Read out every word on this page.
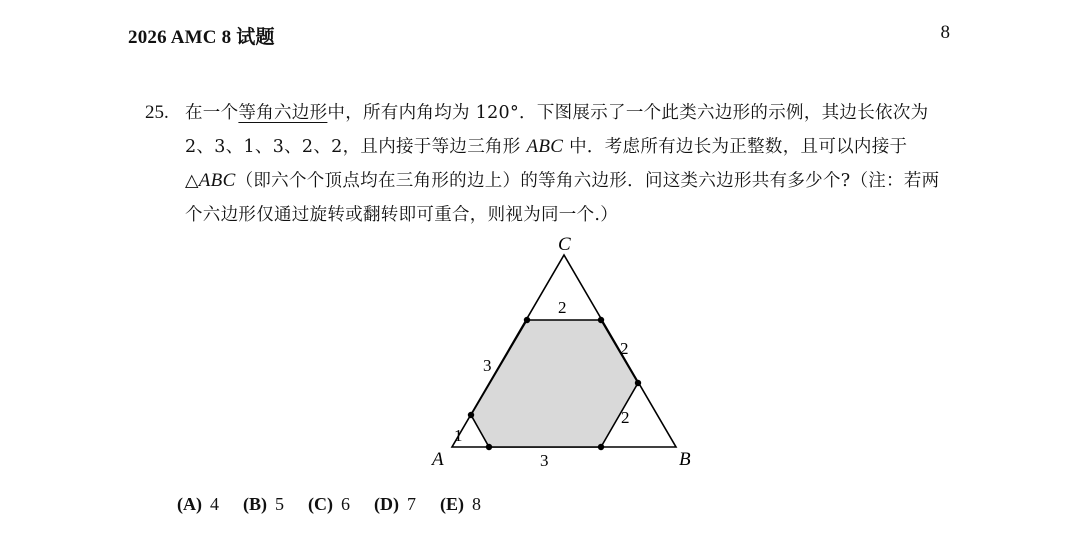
2026 AMC 8 试题	8
25. 在一个等角六边形中，所有内角均为 120°．下图展示了一个此类六边形的示例，其边长依次为 2、3、1、3、2、2，且内接于等边三角形 ABC 中．考虑所有边长为正整数，且可以内接于 △ABC（即六个个顶点均在三角形的边上）的等角六边形．问这类六边形共有多少个?（注：若两个六边形仅通过旋转或翻转即可重合，则视为同一个.）
C
A	B
2
2
2
3
1
3
(A) 4 (B) 5 (C) 6 (D) 7 (E) 8
